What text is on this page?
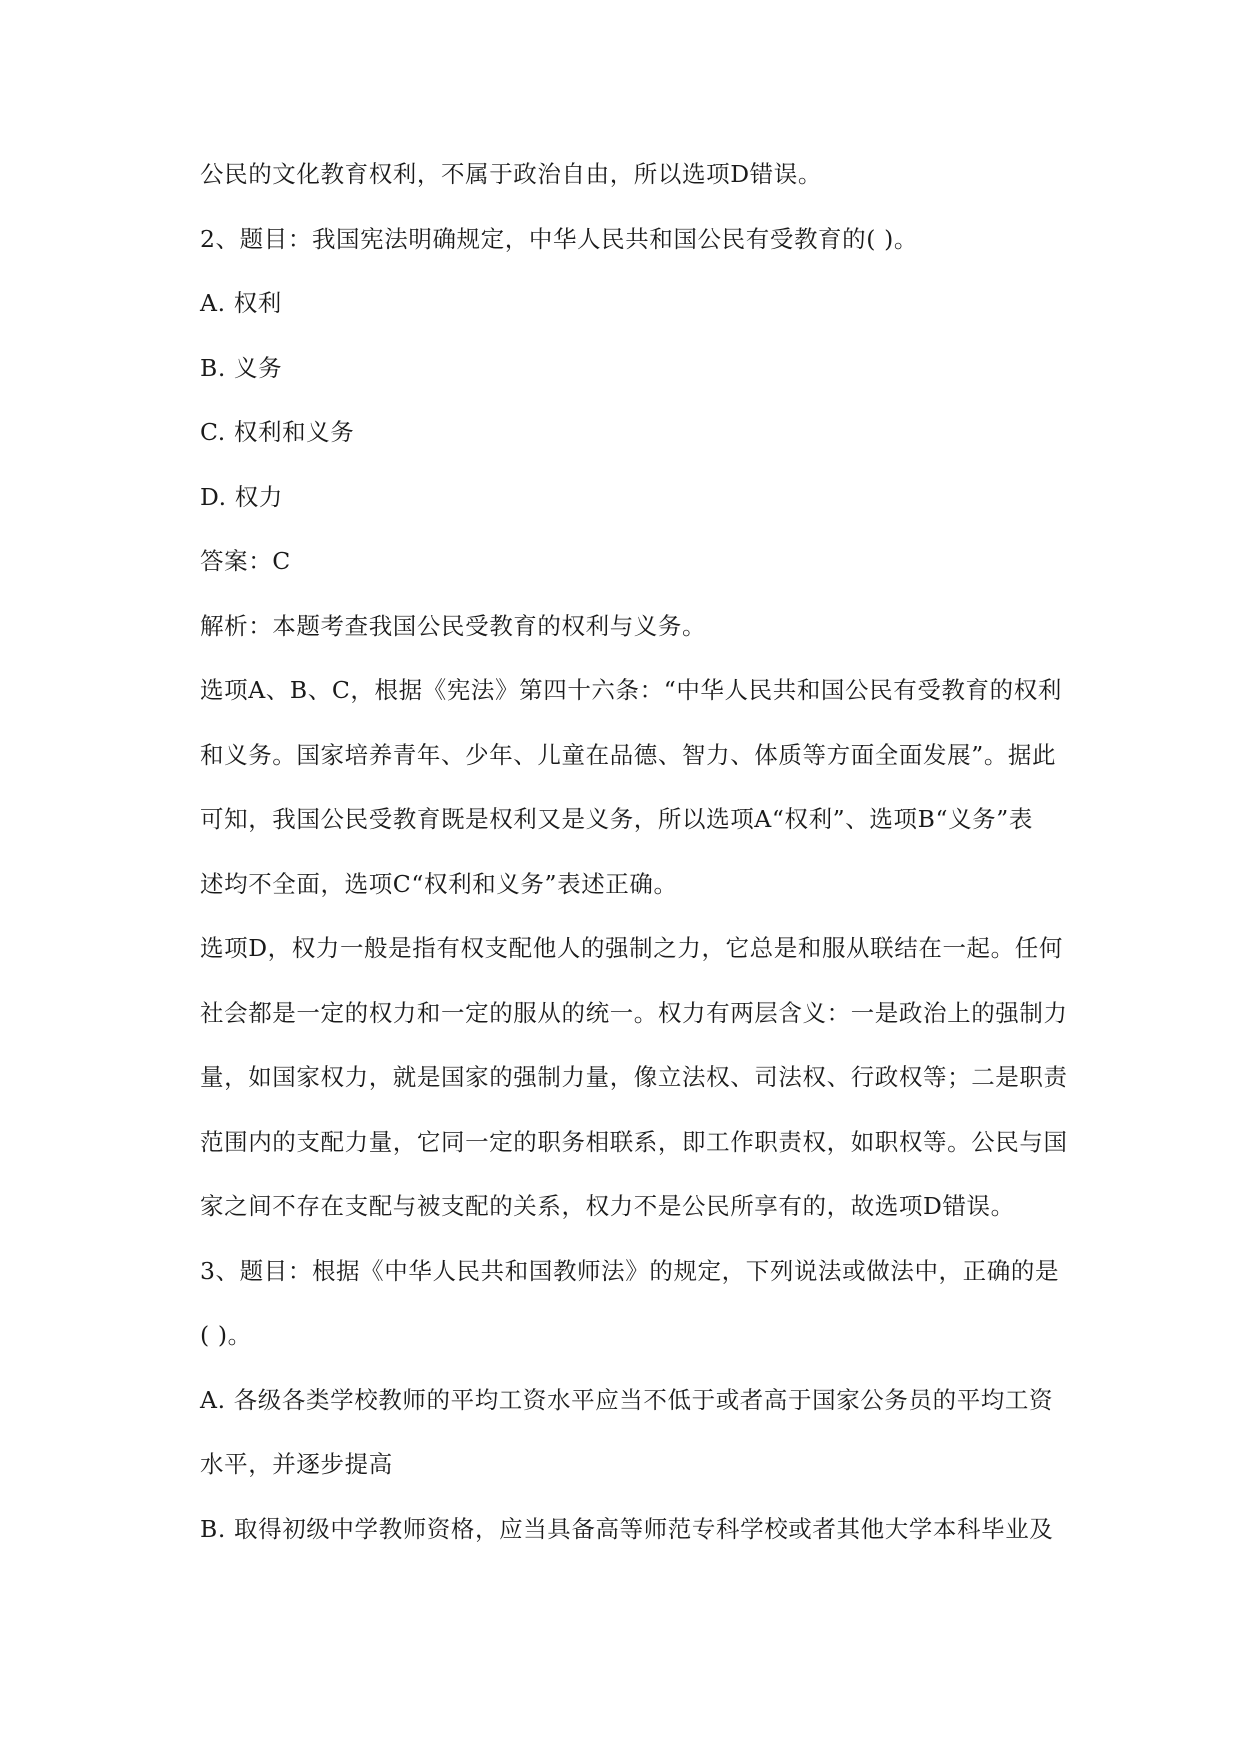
公民的文化教育权利，不属于政治自由，所以选项D错误。

2、题目：我国宪法明确规定，中华人民共和国公民有受教育的( )。

A. 权利

B. 义务

C. 权利和义务

D. 权力

答案：C

解析：本题考查我国公民受教育的权利与义务。

选项A、B、C，根据《宪法》第四十六条：“中华人民共和国公民有受教育的权利

和义务。国家培养青年、少年、儿童在品德、智力、体质等方面全面发展”。据此

可知，我国公民受教育既是权利又是义务，所以选项A“权利”、选项B“义务”表

述均不全面，选项C“权利和义务”表述正确。

选项D，权力一般是指有权支配他人的强制之力，它总是和服从联结在一起。任何

社会都是一定的权力和一定的服从的统一。权力有两层含义：一是政治上的强制力

量，如国家权力，就是国家的强制力量，像立法权、司法权、行政权等；二是职责

范围内的支配力量，它同一定的职务相联系，即工作职责权，如职权等。公民与国

家之间不存在支配与被支配的关系，权力不是公民所享有的，故选项D错误。

3、题目：根据《中华人民共和国教师法》的规定，下列说法或做法中，正确的是

( )。

A. 各级各类学校教师的平均工资水平应当不低于或者高于国家公务员的平均工资

水平，并逐步提高

B. 取得初级中学教师资格，应当具备高等师范专科学校或者其他大学本科毕业及
